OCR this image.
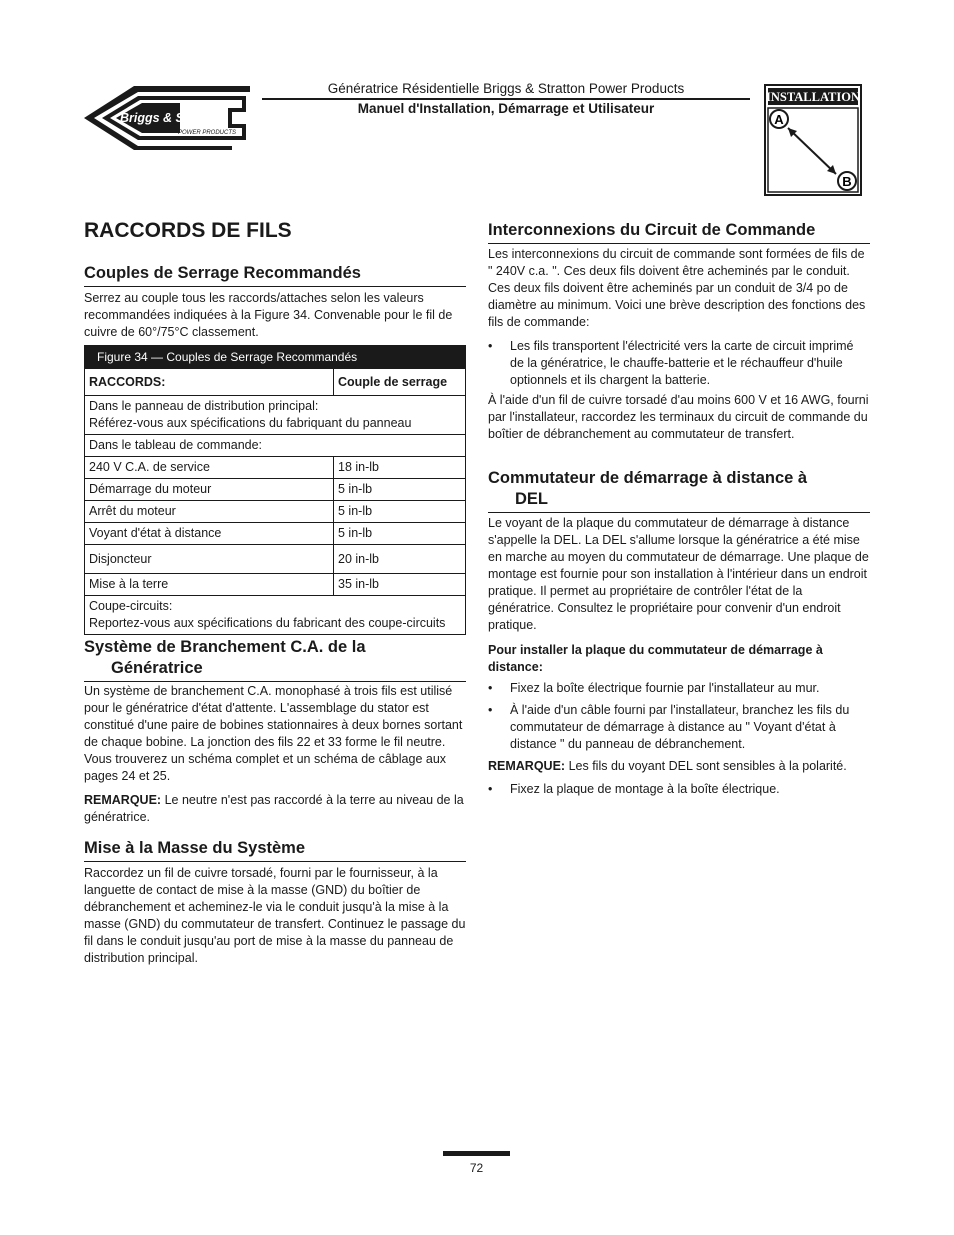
Briggs & Stratton
POWER PRODUCTS
Génératrice Résidentielle Briggs & Stratton Power Products
Manuel d'Installation, Démarrage et Utilisateur
INSTALLATION
A
B
RACCORDS DE FILS
Couples de Serrage Recommandés

Serrez au couple tous les raccords/attaches selon les valeurs recommandées indiquées à la Figure 34. Convenable pour le fil de cuivre de 60°/75°C classement.

Figure 34 — Couples de Serrage Recommandés	
RACCORDS:	Couple de serrage

Dans le panneau de distribution principal:
Référez-vous aux spécifications du fabriquant du panneau	

Dans le tableau de commande:	
240 V C.A. de service	18 in-lb
Démarrage du moteur	5 in-lb
Arrêt du moteur	5 in-lb
Voyant d'état à distance	5 in-lb
Disjoncteur	20 in-lb
Mise à la terre	35 in-lb

Coupe-circuits:
Reportez-vous aux spécifications du fabricant des coupe-circuits	
Système de Branchement C.A. de la
Génératrice

Un système de branchement C.A. monophasé à trois fils est utilisé pour le génératrice d'état d'attente. L'assemblage du stator est constitué d'une paire de bobines stationnaires à deux bornes sortant de chaque bobine. La jonction des fils 22 et 33 forme le fil neutre. Vous trouverez un schéma complet et un schéma de câblage aux pages 24 et 25.

REMARQUE: Le neutre n'est pas raccordé à la terre au niveau de la génératrice.

Mise à la Masse du Système

Raccordez un fil de cuivre torsadé, fourni par le fournisseur, à la languette de contact de mise à la masse (GND) du boîtier de débranchement et acheminez-le via le conduit jusqu'à la mise à la masse (GND) du commutateur de transfert. Continuez le passage du fil dans le conduit jusqu'au port de mise à la masse du panneau de distribution principal.

Interconnexions du Circuit de Commande

Les interconnexions du circuit de commande sont formées de fils de " 240V c.a. ". Ces deux fils doivent être acheminés par le conduit. Ces deux fils doivent être acheminés par un conduit de 3/4 po de diamètre au minimum. Voici une brève description des fonctions des fils de commande:

• Les fils transportent l'électricité vers la carte de circuit imprimé de la génératrice, le chauffe-batterie et le réchauffeur d'huile optionnels et ils chargent la batterie.

À l'aide d'un fil de cuivre torsadé d'au moins 600 V et 16 AWG, fourni par l'installateur, raccordez les terminaux du circuit de commande du boîtier de débranchement au commutateur de transfert.

Commutateur de démarrage à distance à
DEL

Le voyant de la plaque du commutateur de démarrage à distance s'appelle la DEL. La DEL s'allume lorsque la génératrice a été mise en marche au moyen du commutateur de démarrage. Une plaque de montage est fournie pour son installation à l'intérieur dans un endroit pratique. Il permet au propriétaire de contrôler l'état de la génératrice. Consultez le propriétaire pour convenir d'un endroit pratique.

Pour installer la plaque du commutateur de démarrage à distance:

• Fixez la boîte électrique fournie par l'installateur au mur.
• À l'aide d'un câble fourni par l'installateur, branchez les fils du commutateur de démarrage à distance au " Voyant d'état à distance " du panneau de débranchement.

REMARQUE: Les fils du voyant DEL sont sensibles à la polarité.

• Fixez la plaque de montage à la boîte électrique.
72
